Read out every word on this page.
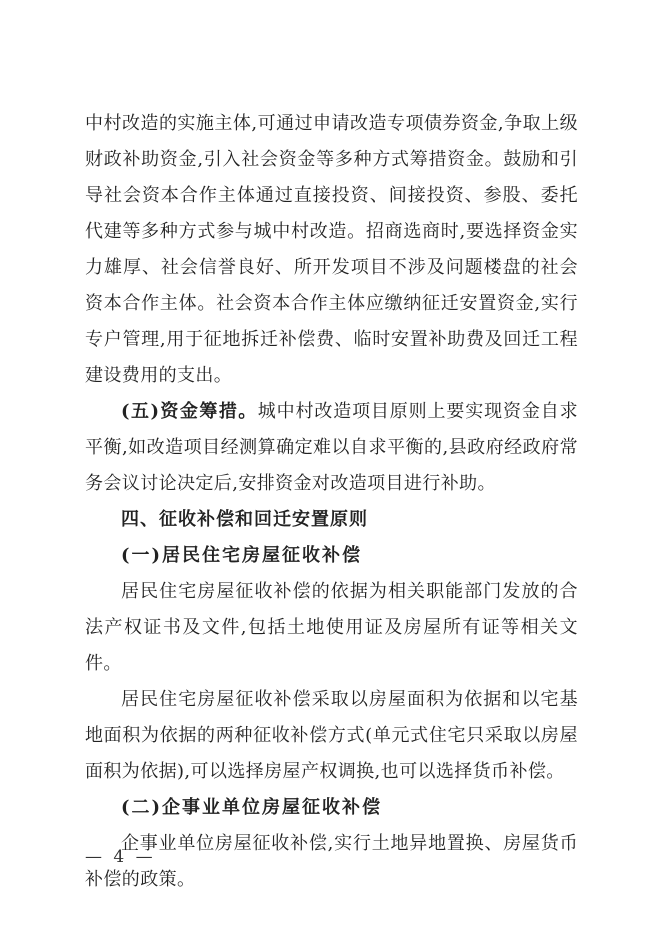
中村改造的实施主体,可通过申请改造专项债券资金,争取上级财政补助资金,引入社会资金等多种方式筹措资金。鼓励和引导社会资本合作主体通过直接投资、间接投资、参股、委托代建等多种方式参与城中村改造。招商选商时,要选择资金实力雄厚、社会信誉良好、所开发项目不涉及问题楼盘的社会资本合作主体。社会资本合作主体应缴纳征迁安置资金,实行专户管理,用于征地拆迁补偿费、临时安置补助费及回迁工程建设费用的支出。

(五)资金筹措。城中村改造项目原则上要实现资金自求平衡,如改造项目经测算确定难以自求平衡的,县政府经政府常务会议讨论决定后,安排资金对改造项目进行补助。

四、征收补偿和回迁安置原则

(一)居民住宅房屋征收补偿

居民住宅房屋征收补偿的依据为相关职能部门发放的合法产权证书及文件,包括土地使用证及房屋所有证等相关文件。

居民住宅房屋征收补偿采取以房屋面积为依据和以宅基地面积为依据的两种征收补偿方式(单元式住宅只采取以房屋面积为依据),可以选择房屋产权调换,也可以选择货币补偿。

(二)企事业单位房屋征收补偿

企事业单位房屋征收补偿,实行土地异地置换、房屋货币补偿的政策。

— 4 —
